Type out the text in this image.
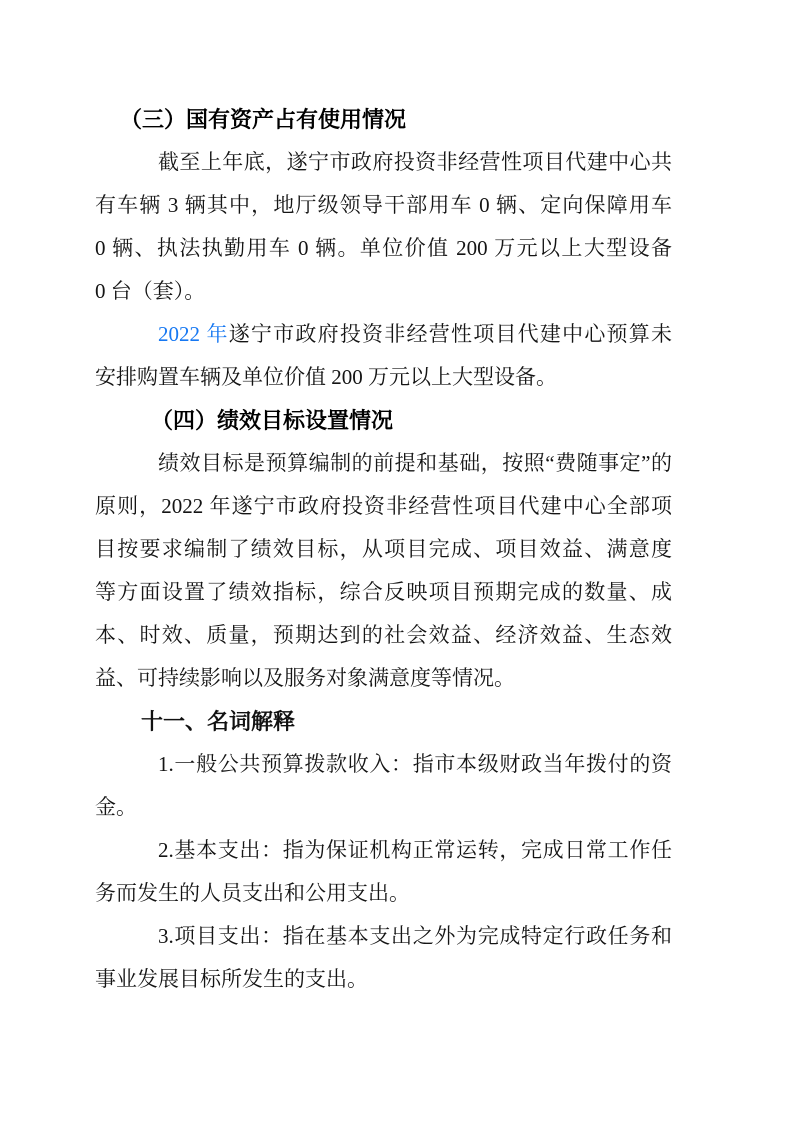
（三）国有资产占有使用情况
截至上年底，遂宁市政府投资非经营性项目代建中心共
有车辆 3 辆其中，地厅级领导干部用车 0 辆、定向保障用车
0 辆、执法执勤用车 0 辆。单位价值 200 万元以上大型设备
0 台（套）。
2022 年遂宁市政府投资非经营性项目代建中心预算未
安排购置车辆及单位价值 200 万元以上大型设备。
（四）绩效目标设置情况
绩效目标是预算编制的前提和基础，按照“费随事定”的
原则，2022 年遂宁市政府投资非经营性项目代建中心全部项
目按要求编制了绩效目标，从项目完成、项目效益、满意度
等方面设置了绩效指标，综合反映项目预期完成的数量、成
本、时效、质量，预期达到的社会效益、经济效益、生态效
益、可持续影响以及服务对象满意度等情况。
十一、名词解释
1.一般公共预算拨款收入：指市本级财政当年拨付的资
金。
2.基本支出：指为保证机构正常运转，完成日常工作任
务而发生的人员支出和公用支出。
3.项目支出：指在基本支出之外为完成特定行政任务和
事业发展目标所发生的支出。
